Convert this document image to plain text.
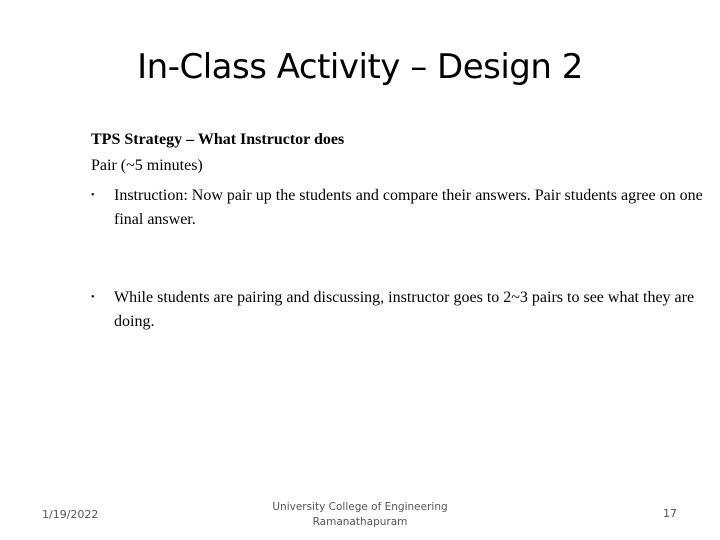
In-Class Activity – Design 2
TPS Strategy – What Instructor does
Pair (~5 minutes)
•	Instruction: Now pair up the students and compare their answers. Pair students agree on one final answer.
•	While students are pairing and discussing, instructor goes to 2~3 pairs to see what they are doing.
1/19/2022
University College of Engineering
Ramanathapuram
17
